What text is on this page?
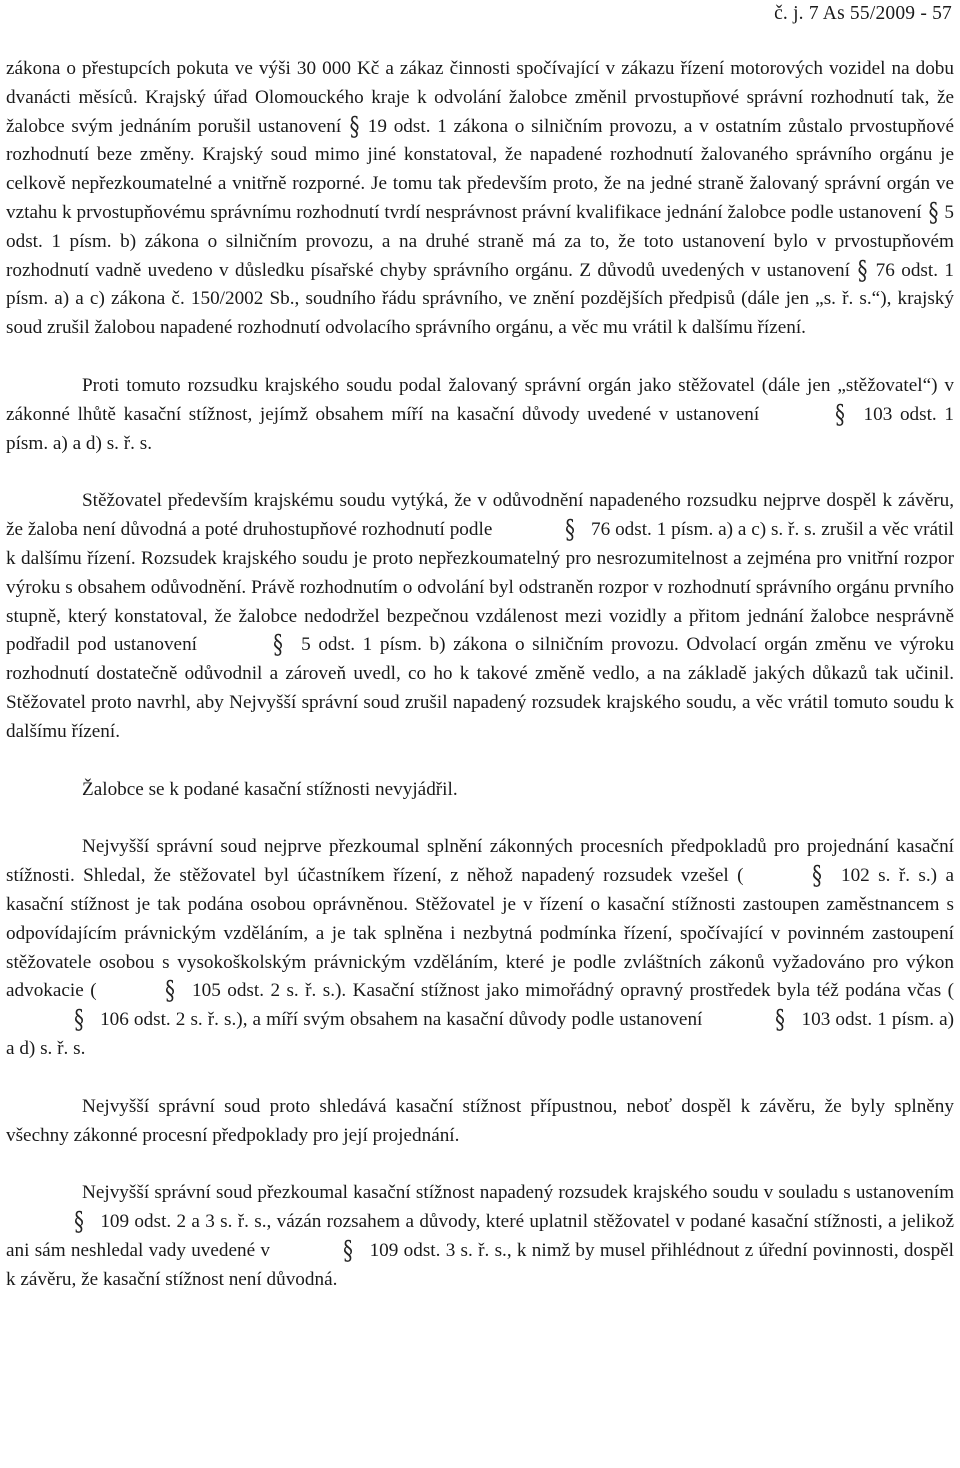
č. j. 7 As 55/2009 - 57

zákona o přestupcích pokuta ve výši 30 000 Kč a zákaz činnosti spočívající v zákazu řízení motorových vozidel na dobu dvanácti měsíců. Krajský úřad Olomouckého kraje k odvolání žalobce změnil prvostupňové správní rozhodnutí tak, že žalobce svým jednáním porušil ustanovení § 19 odst. 1 zákona o silničním provozu, a v ostatním zůstalo prvostupňové rozhodnutí beze změny. Krajský soud mimo jiné konstatoval, že napadené rozhodnutí žalovaného správního orgánu je celkově nepřezkoumatelné a vnitřně rozporné. Je tomu tak především proto, že na jedné straně žalovaný správní orgán ve vztahu k prvostupňovému správnímu rozhodnutí tvrdí nesprávnost právní kvalifikace jednání žalobce podle ustanovení § 5 odst. 1 písm. b) zákona o silničním provozu, a na druhé straně má za to, že toto ustanovení bylo v prvostupňovém rozhodnutí vadně uvedeno v důsledku písařské chyby správního orgánu. Z důvodů uvedených v ustanovení § 76 odst. 1 písm. a) a c) zákona č. 150/2002 Sb., soudního řádu správního, ve znění pozdějších předpisů (dále jen „s. ř. s.“), krajský soud zrušil žalobou napadené rozhodnutí odvolacího správního orgánu, a věc mu vrátil k dalšímu řízení.

Proti tomuto rozsudku krajského soudu podal žalovaný správní orgán jako stěžovatel (dále jen „stěžovatel“) v zákonné lhůtě kasační stížnost, jejímž obsahem míří na kasační důvody uvedené v ustanovení	§ 103 odst. 1 písm. a) a d) s. ř. s.

Stěžovatel především krajskému soudu vytýká, že v odůvodnění napadeného rozsudku nejprve dospěl k závěru, že žaloba není důvodná a poté druhostupňové rozhodnutí podle	§ 76 odst. 1 písm. a) a c) s. ř. s. zrušil a věc vrátil k dalšímu řízení. Rozsudek krajského soudu je proto nepřezkoumatelný pro nesrozumitelnost a zejména pro vnitřní rozpor výroku s obsahem odůvodnění. Právě rozhodnutím o odvolání byl odstraněn rozpor v rozhodnutí správního orgánu prvního stupně, který konstatoval, že žalobce nedodržel bezpečnou vzdálenost mezi vozidly a přitom jednání žalobce nesprávně podřadil pod ustanovení	§ 5 odst. 1 písm. b) zákona o silničním provozu. Odvolací orgán změnu ve výroku rozhodnutí dostatečně odůvodnil a zároveň uvedl, co ho k takové změně vedlo, a na základě jakých důkazů tak učinil. Stěžovatel proto navrhl, aby Nejvyšší správní soud zrušil napadený rozsudek krajského soudu, a věc vrátil tomuto soudu k dalšímu řízení.

Žalobce se k podané kasační stížnosti nevyjádřil.

Nejvyšší správní soud nejprve přezkoumal splnění zákonných procesních předpokladů pro projednání kasační stížnosti. Shledal, že stěžovatel byl účastníkem řízení, z něhož napadený rozsudek vzešel (	§ 102 s. ř. s.) a kasační stížnost je tak podána osobou oprávněnou. Stěžovatel je v řízení o kasační stížnosti zastoupen zaměstnancem s odpovídajícím právnickým vzděláním, a je tak splněna i nezbytná podmínka řízení, spočívající v povinném zastoupení stěžovatele osobou s vysokoškolským právnickým vzděláním, které je podle zvláštních zákonů vyžadováno pro výkon advokacie (	§ 105 odst. 2 s. ř. s.). Kasační stížnost jako mimořádný opravný prostředek byla též podána včas (§ 106 odst. 2 s. ř. s.), a míří svým obsahem na kasační důvody podle ustanovení	§ 103 odst. 1 písm. a) a d) s. ř. s.

Nejvyšší správní soud proto shledává kasační stížnost přípustnou, neboť dospěl k závěru, že byly splněny všechny zákonné procesní předpoklady pro její projednání.

Nejvyšší správní soud přezkoumal kasační stížnost napadený rozsudek krajského soudu v souladu s ustanovením § 109 odst. 2 a 3 s. ř. s., vázán rozsahem a důvody, které uplatnil stěžovatel v podané kasační stížnosti, a jelikož ani sám neshledal vady uvedené v	§ 109 odst. 3 s. ř. s., k nimž by musel přihlédnout z úřední povinnosti, dospěl k závěru, že kasační stížnost není důvodná.
